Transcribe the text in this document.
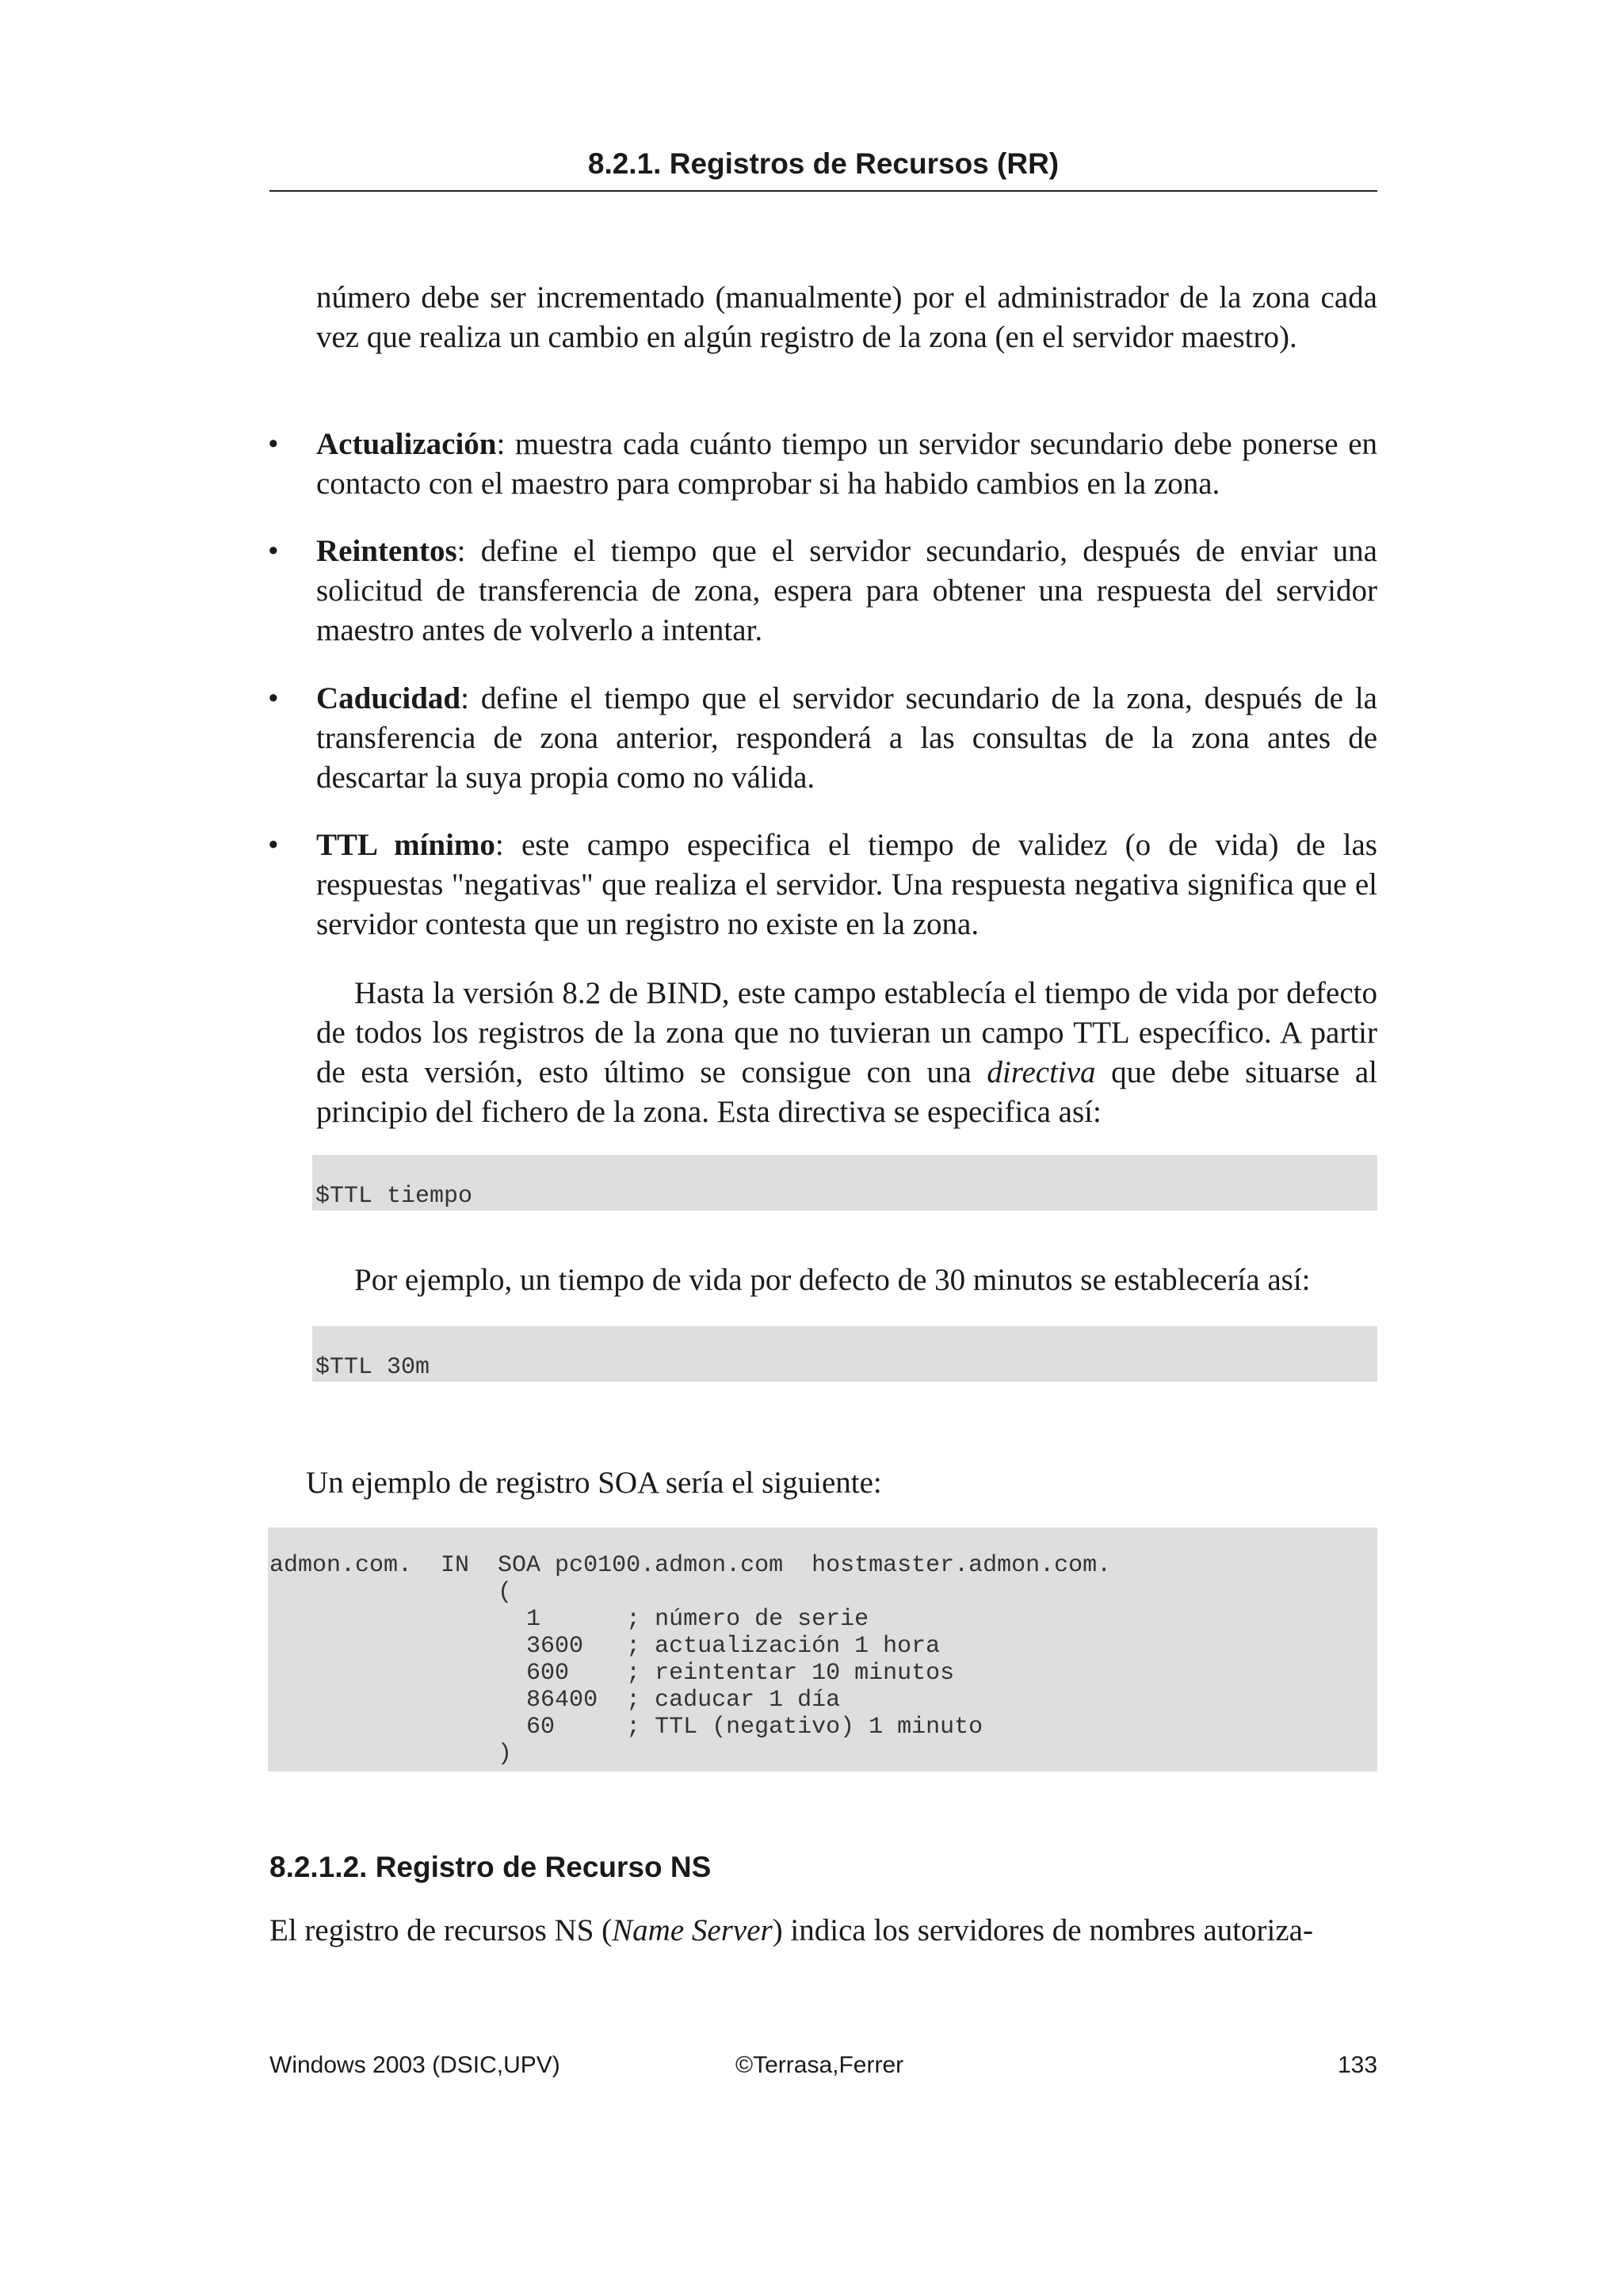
8.2.1. Registros de Recursos (RR)

número debe ser incrementado (manualmente) por el administrador de la zona cada vez que realiza un cambio en algún registro de la zona (en el servidor maestro).

• Actualización: muestra cada cuánto tiempo un servidor secundario debe ponerse en contacto con el maestro para comprobar si ha habido cambios en la zona.

• Reintentos: define el tiempo que el servidor secundario, después de enviar una solicitud de transferencia de zona, espera para obtener una respuesta del servidor maestro antes de volverlo a intentar.

• Caducidad: define el tiempo que el servidor secundario de la zona, después de la transferencia de zona anterior, responderá a las consultas de la zona antes de descartar la suya propia como no válida.

• TTL mínimo: este campo especifica el tiempo de validez (o de vida) de las respuestas "negativas" que realiza el servidor. Una respuesta negativa significa que el servidor contesta que un registro no existe en la zona.

Hasta la versión 8.2 de BIND, este campo establecía el tiempo de vida por defecto de todos los registros de la zona que no tuvieran un campo TTL específico. A partir de esta versión, esto último se consigue con una directiva que debe situarse al principio del fichero de la zona. Esta directiva se especifica así:

$TTL tiempo

Por ejemplo, un tiempo de vida por defecto de 30 minutos se establecería así:

$TTL 30m

Un ejemplo de registro SOA sería el siguiente:

admon.com.  IN  SOA pc0100.admon.com  hostmaster.admon.com.
(
1      ; número de serie
3600   ; actualización 1 hora
600    ; reintentar 10 minutos
86400  ; caducar 1 día
60     ; TTL (negativo) 1 minuto
)
8.2.1.2. Registro de Recurso NS

El registro de recursos NS (Name Server) indica los servidores de nombres autoriza-

Windows 2003 (DSIC,UPV)	©Terrasa,Ferrer	133
